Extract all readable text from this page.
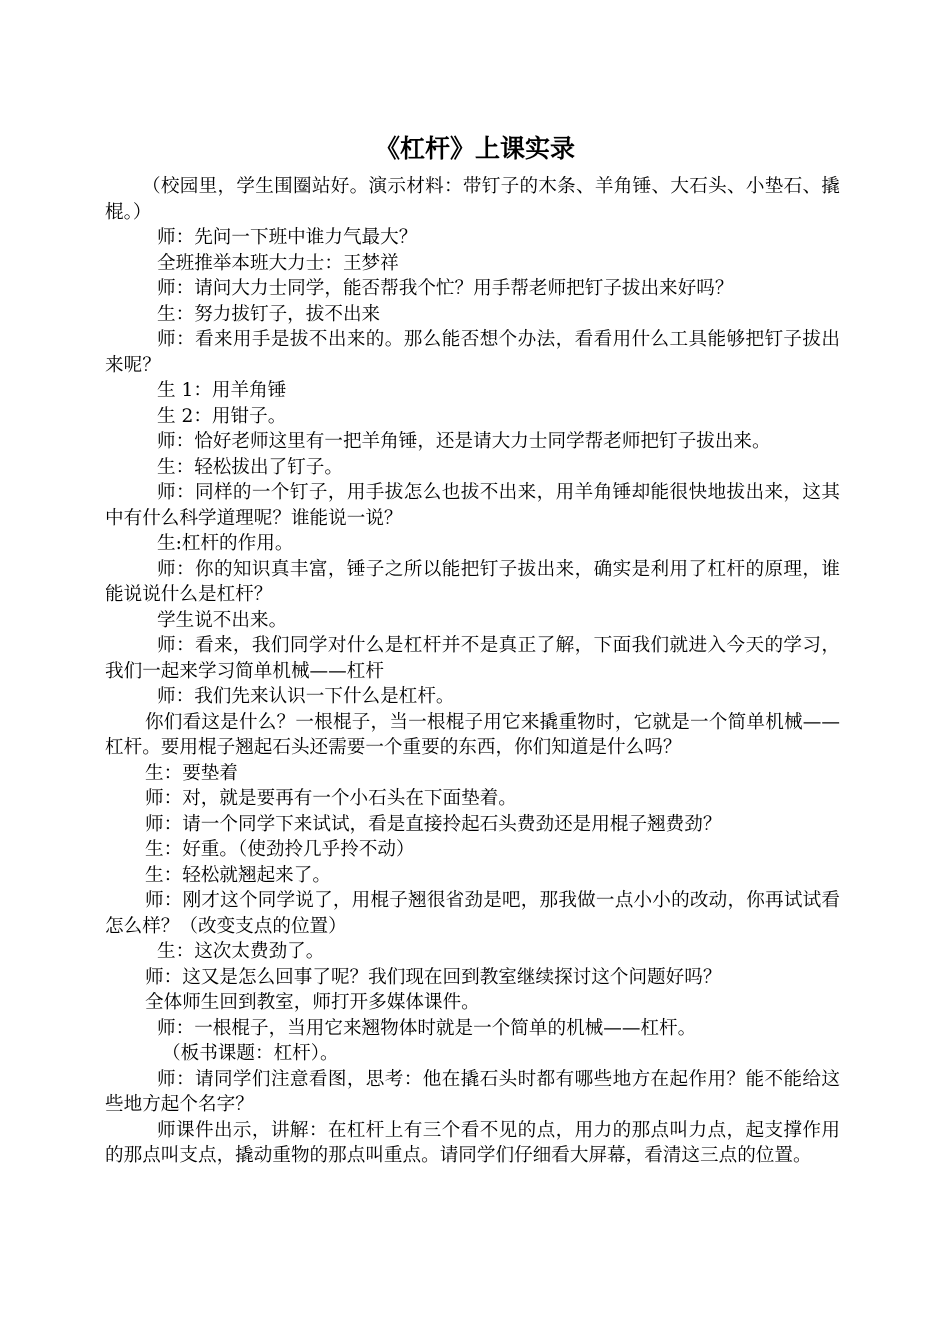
《杠杆》上课实录

（校园里，学生围圈站好。演示材料：带钉子的木条、羊角锤、大石头、小垫石、撬棍。）

师：先问一下班中谁力气最大？

全班推举本班大力士：王梦祥

师：请问大力士同学，能否帮我个忙？用手帮老师把钉子拔出来好吗？

生：努力拔钉子，拔不出来

师：看来用手是拔不出来的。那么能否想个办法，看看用什么工具能够把钉子拔出来呢？

生 1：用羊角锤

生 2：用钳子。

师：恰好老师这里有一把羊角锤，还是请大力士同学帮老师把钉子拔出来。

生：轻松拔出了钉子。

师：同样的一个钉子，用手拔怎么也拔不出来，用羊角锤却能很快地拔出来，这其中有什么科学道理呢？谁能说一说？

生:杠杆的作用。

师：你的知识真丰富，锤子之所以能把钉子拔出来，确实是利用了杠杆的原理，谁能说说什么是杠杆？

学生说不出来。

师：看来，我们同学对什么是杠杆并不是真正了解，下面我们就进入今天的学习，我们一起来学习简单机械——杠杆

师：我们先来认识一下什么是杠杆。

你们看这是什么？一根棍子，当一根棍子用它来撬重物时，它就是一个简单机械——杠杆。要用棍子翘起石头还需要一个重要的东西，你们知道是什么吗？

生：要垫着

师：对，就是要再有一个小石头在下面垫着。

师：请一个同学下来试试，看是直接拎起石头费劲还是用棍子翘费劲？

生：好重。（使劲拎几乎拎不动）

生：轻松就翘起来了。

师：刚才这个同学说了，用棍子翘很省劲是吧，那我做一点小小的改动，你再试试看怎么样？（改变支点的位置）

生：这次太费劲了。

师：这又是怎么回事了呢？我们现在回到教室继续探讨这个问题好吗？

全体师生回到教室，师打开多媒体课件。

师：一根棍子，当用它来翘物体时就是一个简单的机械——杠杆。

（板书课题：杠杆）。

师：请同学们注意看图，思考：他在撬石头时都有哪些地方在起作用？能不能给这些地方起个名字？

师课件出示，讲解：在杠杆上有三个看不见的点，用力的那点叫力点，起支撑作用的那点叫支点，撬动重物的那点叫重点。请同学们仔细看大屏幕，看清这三点的位置。
